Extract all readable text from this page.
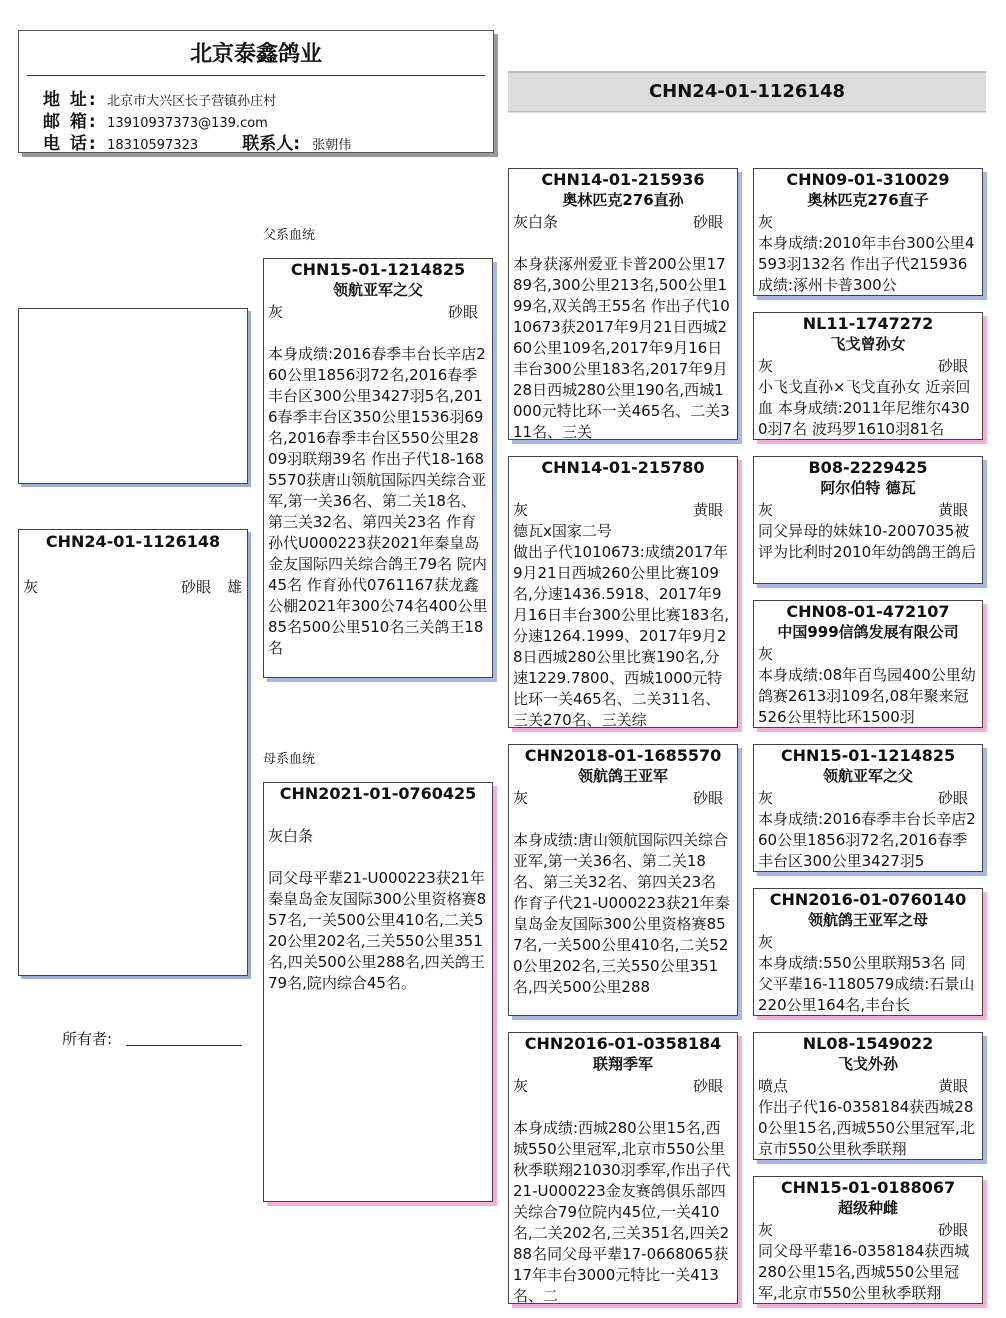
北京泰鑫鸽业
地 址: 北京市大兴区长子营镇孙庄村
邮 箱: 13910937373@139.com
电 话: 18310597323	联系人: 张朝伟
CHN24-01-1126148
CHN24-01-1126148
灰	砂眼 雄
所有者:
父系血统
母系血统
CHN15-01-1214825
领航亚军之父
灰	砂眼
本身成绩:2016春季丰台长辛店260公里1856羽72名,2016春季丰台区300公里3427羽5名,2016春季丰台区350公里1536羽69名,2016春季丰台区550公里2809羽联翔39名 作出子代18-1685570获唐山领航国际四关综合亚军,第一关36名、第二关18名、第三关32名、第四关23名 作育孙代U000223获2021年秦皇岛金友国际四关综合鸽王79名 院内45名 作育孙代0761167获龙鑫公棚2021年300公74名400公里85名500公里510名三关鸽王18名
CHN2021-01-0760425
灰白条
同父母平辈21-U000223获21年秦皇岛金友国际300公里资格赛857名,一关500公里410名,二关520公里202名,三关550公里351名,四关500公里288名,四关鸽王79名,院内综合45名。
CHN14-01-215936
奥林匹克276直孙
灰白条	砂眼
本身获涿州爱亚卡普200公里1789名,300公里213名,500公里199名,双关鸽王55名 作出子代1010673获2017年9月21日西城260公里109名,2017年9月16日丰台300公里183名,2017年9月28日西城280公里190名,西城1000元特比环一关465名、二关311名、三关
CHN14-01-215780

灰	黄眼
德瓦x国家二号
做出子代1010673:成绩2017年9月21日西城260公里比赛109名,分速1436.5918、2017年9月16日丰台300公里比赛183名,分速1264.1999、2017年9月28日西城280公里比赛190名,分速1229.7800、西城1000元特比环一关465名、二关311名、三关270名、三关综
CHN2018-01-1685570
领航鸽王亚军
灰	砂眼
本身成绩:唐山领航国际四关综合亚军,第一关36名、第二关18名、第三关32名、第四关23名 作育子代21-U000223获21年秦皇岛金友国际300公里资格赛857名,一关500公里410名,二关520公里202名,三关550公里351名,四关500公里288
CHN2016-01-0358184
联翔季军
灰	砂眼
本身成绩:西城280公里15名,西城550公里冠军,北京市550公里秋季联翔21030羽季军,作出子代21-U000223金友赛鸽俱乐部四关综合79位院内45位,一关410名,二关202名,三关351名,四关288名同父母平辈17-0668065获17年丰台3000元特比一关413名、二
CHN09-01-310029
奥林匹克276直子
灰
本身成绩:2010年丰台300公里4593羽132名 作出子代215936成绩:涿州卡普300公
NL11-1747272
飞戈曾孙女
灰	砂眼
小飞戈直孙×飞戈直孙女 近亲回血 本身成绩:2011年尼维尔4300羽7名 波玛罗1610羽81名
B08-2229425
阿尔伯特 德瓦
灰	黄眼
同父异母的妹妹10-2007035被评为比利时2010年幼鸽鸽王鸽后
CHN08-01-472107
中国999信鸽发展有限公司
灰
本身成绩:08年百鸟园400公里幼鸽赛2613羽109名,08年聚来冠526公里特比环1500羽
CHN15-01-1214825
领航亚军之父
灰	砂眼
本身成绩:2016春季丰台长辛店260公里1856羽72名,2016春季丰台区300公里3427羽5
CHN2016-01-0760140
领航鸽王亚军之母
灰
本身成绩:550公里联翔53名 同父平辈16-1180579成绩:石景山220公里164名,丰台长
NL08-1549022
飞戈外孙
喷点	黄眼
作出子代16-0358184获西城280公里15名,西城550公里冠军,北京市550公里秋季联翔
CHN15-01-0188067
超级种雌
灰	砂眼
同父母平辈16-0358184获西城280公里15名,西城550公里冠军,北京市550公里秋季联翔
